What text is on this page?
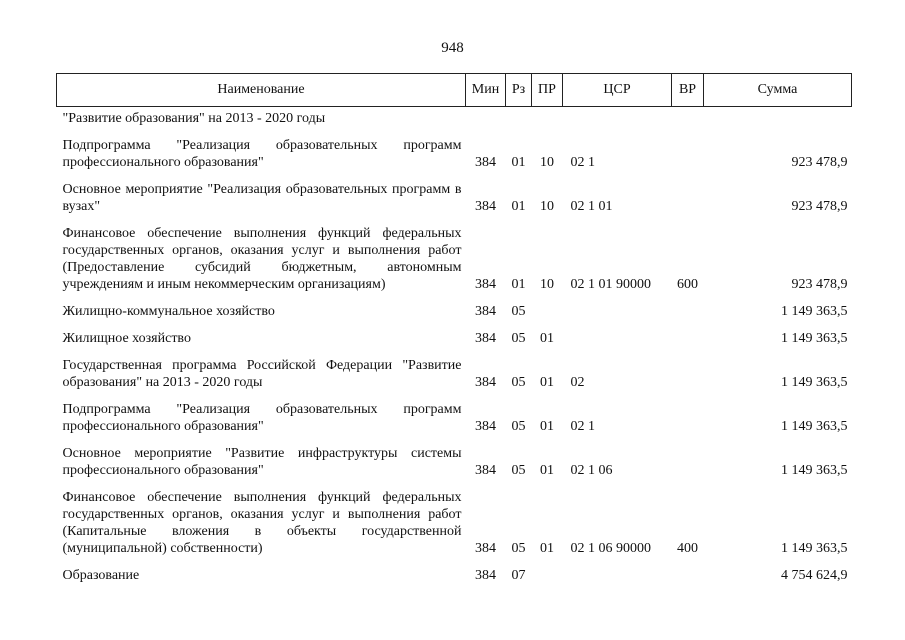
948
Наименование	Мин	Рз	ПР	ЦСР	ВР	Сумма
"Развитие образования" на 2013 - 2020 годы						
Подпрограмма "Реализация образовательных программ профессионального образования"	384	01	10	02 1		923 478,9
Основное мероприятие "Реализация образовательных программ в вузах"	384	01	10	02 1 01		923 478,9
Финансовое обеспечение выполнения функций федеральных государственных органов, оказания услуг и выполнения работ (Предоставление субсидий бюджетным, автономным учреждениям и иным некоммерческим организациям)	384	01	10	02 1 01 90000	600	923 478,9
Жилищно-коммунальное хозяйство	384	05				1 149 363,5
Жилищное хозяйство	384	05	01			1 149 363,5
Государственная программа Российской Федерации "Развитие образования" на 2013 - 2020 годы	384	05	01	02		1 149 363,5
Подпрограмма "Реализация образовательных программ профессионального образования"	384	05	01	02 1		1 149 363,5
Основное мероприятие "Развитие инфраструктуры системы профессионального образования"	384	05	01	02 1 06		1 149 363,5
Финансовое обеспечение выполнения функций федеральных государственных органов, оказания услуг и выполнения работ (Капитальные вложения в объекты государственной (муниципальной) собственности)	384	05	01	02 1 06 90000	400	1 149 363,5
Образование	384	07				4 754 624,9
